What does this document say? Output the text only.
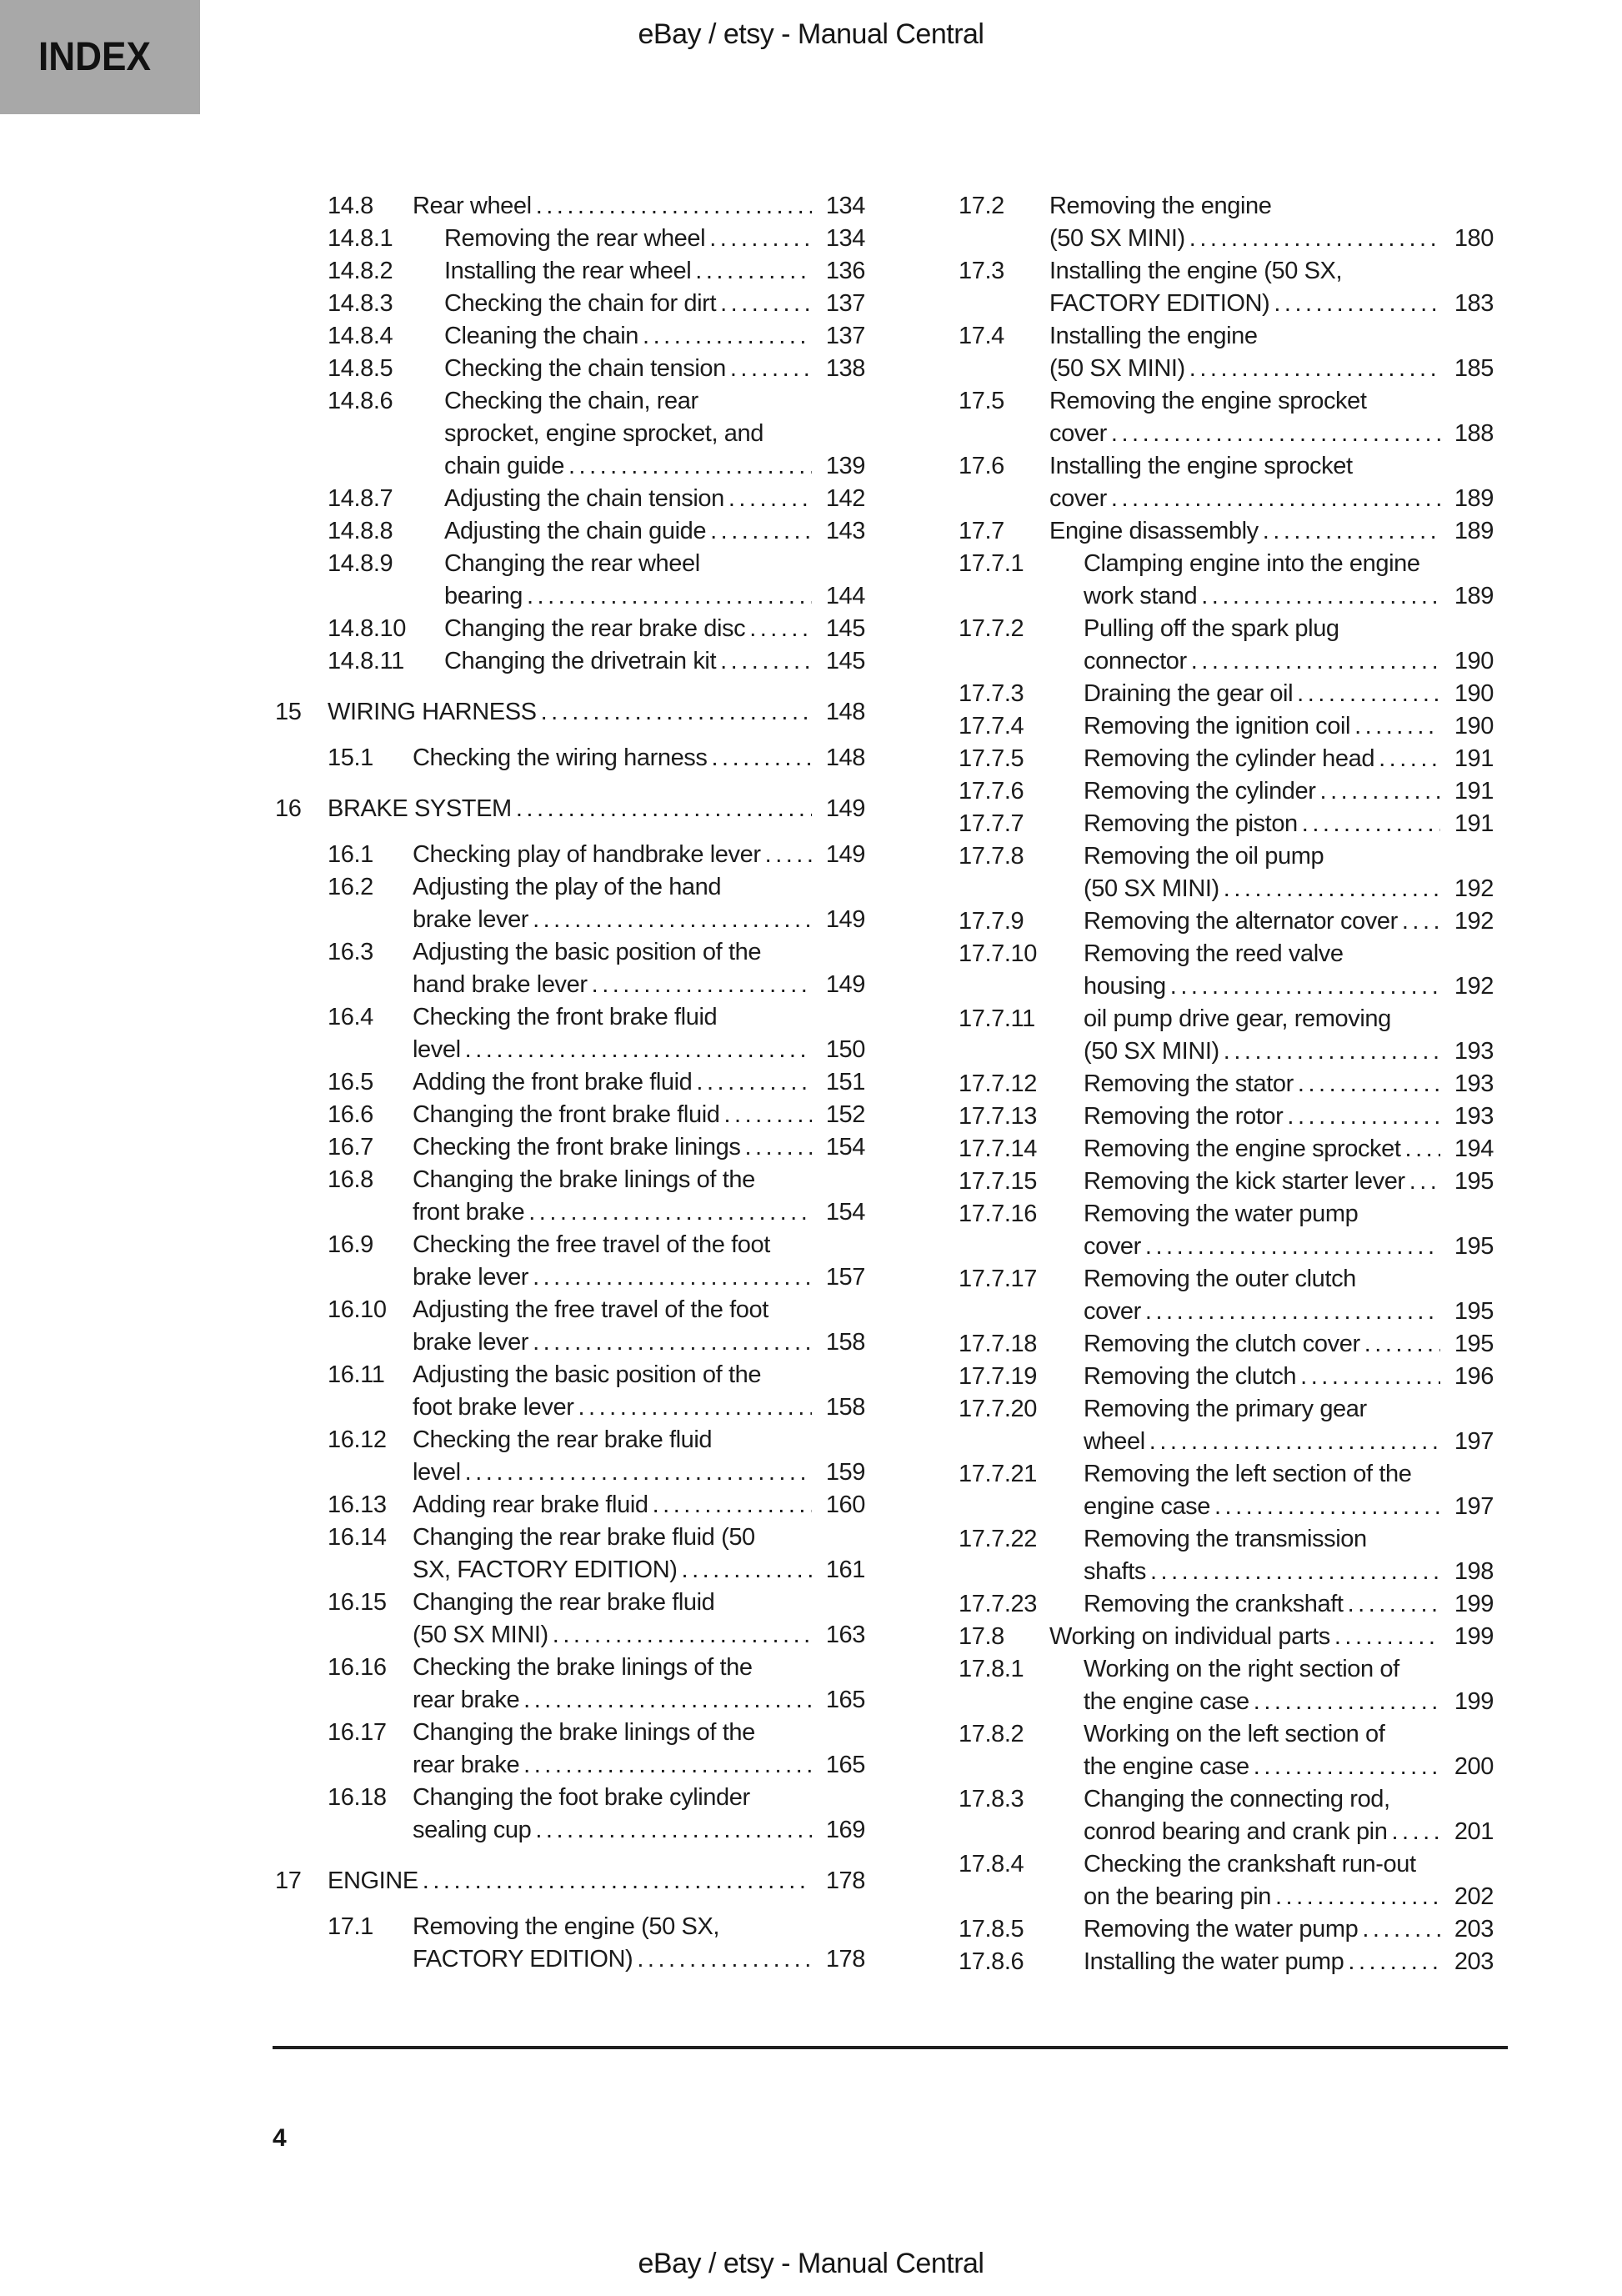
INDEX
eBay / etsy - Manual Central
14.8 Rear wheel .....	134
14.8.1 Removing the rear wheel .....	134
14.8.2 Installing the rear wheel .....	136
14.8.3 Checking the chain for dirt .....	137
14.8.4 Cleaning the chain .....	137
14.8.5 Checking the chain tension .....	138
14.8.6 Checking the chain, rear
sprocket, engine sprocket, and
chain guide .....	139
14.8.7 Adjusting the chain tension .....	142
14.8.8 Adjusting the chain guide .....	143
14.8.9 Changing the rear wheel
bearing .....	144
14.8.10 Changing the rear brake disc .....	145
14.8.11 Changing the drivetrain kit .....	145
15 WIRING HARNESS .....	148
15.1 Checking the wiring harness .....	148
16 BRAKE SYSTEM .....	149
16.1 Checking play of handbrake lever .....	149
16.2 Adjusting the play of the hand
brake lever .....	149
16.3 Adjusting the basic position of the
hand brake lever .....	149
16.4 Checking the front brake fluid
level .....	150
16.5 Adding the front brake fluid .....	151
16.6 Changing the front brake fluid .....	152
16.7 Checking the front brake linings .....	154
16.8 Changing the brake linings of the
front brake .....	154
16.9 Checking the free travel of the foot
brake lever .....	157
16.10 Adjusting the free travel of the foot
brake lever .....	158
16.11 Adjusting the basic position of the
foot brake lever .....	158
16.12 Checking the rear brake fluid
level .....	159
16.13 Adding rear brake fluid .....	160
16.14 Changing the rear brake fluid (50
SX, FACTORY EDITION) .....	161
16.15 Changing the rear brake fluid
(50 SX MINI) .....	163
16.16 Checking the brake linings of the
rear brake .....	165
16.17 Changing the brake linings of the
rear brake .....	165
16.18 Changing the foot brake cylinder
sealing cup .....	169
17 ENGINE .....	178
17.1 Removing the engine (50 SX,
FACTORY EDITION) .....	178
17.2 Removing the engine
(50 SX MINI) .....	180
17.3 Installing the engine (50 SX,
FACTORY EDITION) .....	183
17.4 Installing the engine
(50 SX MINI) .....	185
17.5 Removing the engine sprocket
cover .....	188
17.6 Installing the engine sprocket
cover .....	189
17.7 Engine disassembly .....	189
17.7.1 Clamping engine into the engine
work stand .....	189
17.7.2 Pulling off the spark plug
connector .....	190
17.7.3 Draining the gear oil .....	190
17.7.4 Removing the ignition coil .....	190
17.7.5 Removing the cylinder head .....	191
17.7.6 Removing the cylinder .....	191
17.7.7 Removing the piston .....	191
17.7.8 Removing the oil pump
(50 SX MINI) .....	192
17.7.9 Removing the alternator cover .....	192
17.7.10 Removing the reed valve
housing .....	192
17.7.11 oil pump drive gear, removing
(50 SX MINI) .....	193
17.7.12 Removing the stator .....	193
17.7.13 Removing the rotor .....	193
17.7.14 Removing the engine sprocket .....	194
17.7.15 Removing the kick starter lever .....	195
17.7.16 Removing the water pump
cover .....	195
17.7.17 Removing the outer clutch
cover .....	195
17.7.18 Removing the clutch cover .....	195
17.7.19 Removing the clutch .....	196
17.7.20 Removing the primary gear
wheel .....	197
17.7.21 Removing the left section of the
engine case .....	197
17.7.22 Removing the transmission
shafts .....	198
17.7.23 Removing the crankshaft .....	199
17.8 Working on individual parts .....	199
17.8.1 Working on the right section of
the engine case .....	199
17.8.2 Working on the left section of
the engine case .....	200
17.8.3 Changing the connecting rod,
conrod bearing and crank pin .....	201
17.8.4 Checking the crankshaft run-out
on the bearing pin .....	202
17.8.5 Removing the water pump .....	203
17.8.6 Installing the water pump .....	203
4
eBay / etsy - Manual Central
